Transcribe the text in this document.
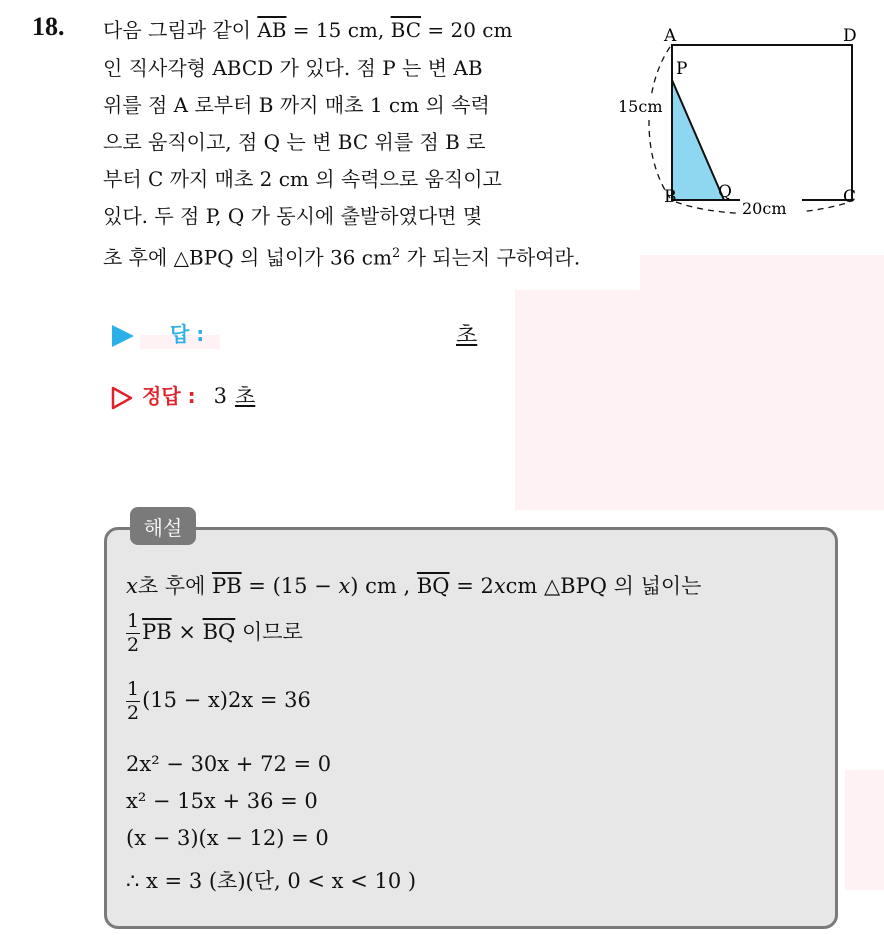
18. 다음 그림과 같이 $\overline{AB} = 15$ cm, $\overline{BC} = 20$ cm
인 직사각형 ABCD 가 있다. 점 P 는 변 AB
위를 점 A 로부터 B 까지 매초 1 cm 의 속력
으로 움직이고, 점 Q 는 변 BC 위를 점 B 로
부터 C 까지 매초 2 cm 의 속력으로 움직이고
있다. 두 점 P, Q 가 동시에 출발하였다면 몇
초 후에 △BPQ 의 넓이가 36 $cm^2$ 가 되는지 구하여라.
A	D
P
B Q	C
15cm
20cm
답 :	초
정답 : 3 초
해설
x초 후에 $\overline{PB} = (15 - x)$ cm , $\overline{BQ} = 2xcm$ △BPQ 의 넓이는
$\frac{1}{2} \overline{PB} \times \overline{BQ}$ 이므로
$\frac{1}{2} (15 - x)2x = 36$
2x² − 30x + 72 = 0
x² − 15x + 36 = 0
(x − 3)(x − 12) = 0
∴ x = 3 (초)(단, 0 < x < 10 )
